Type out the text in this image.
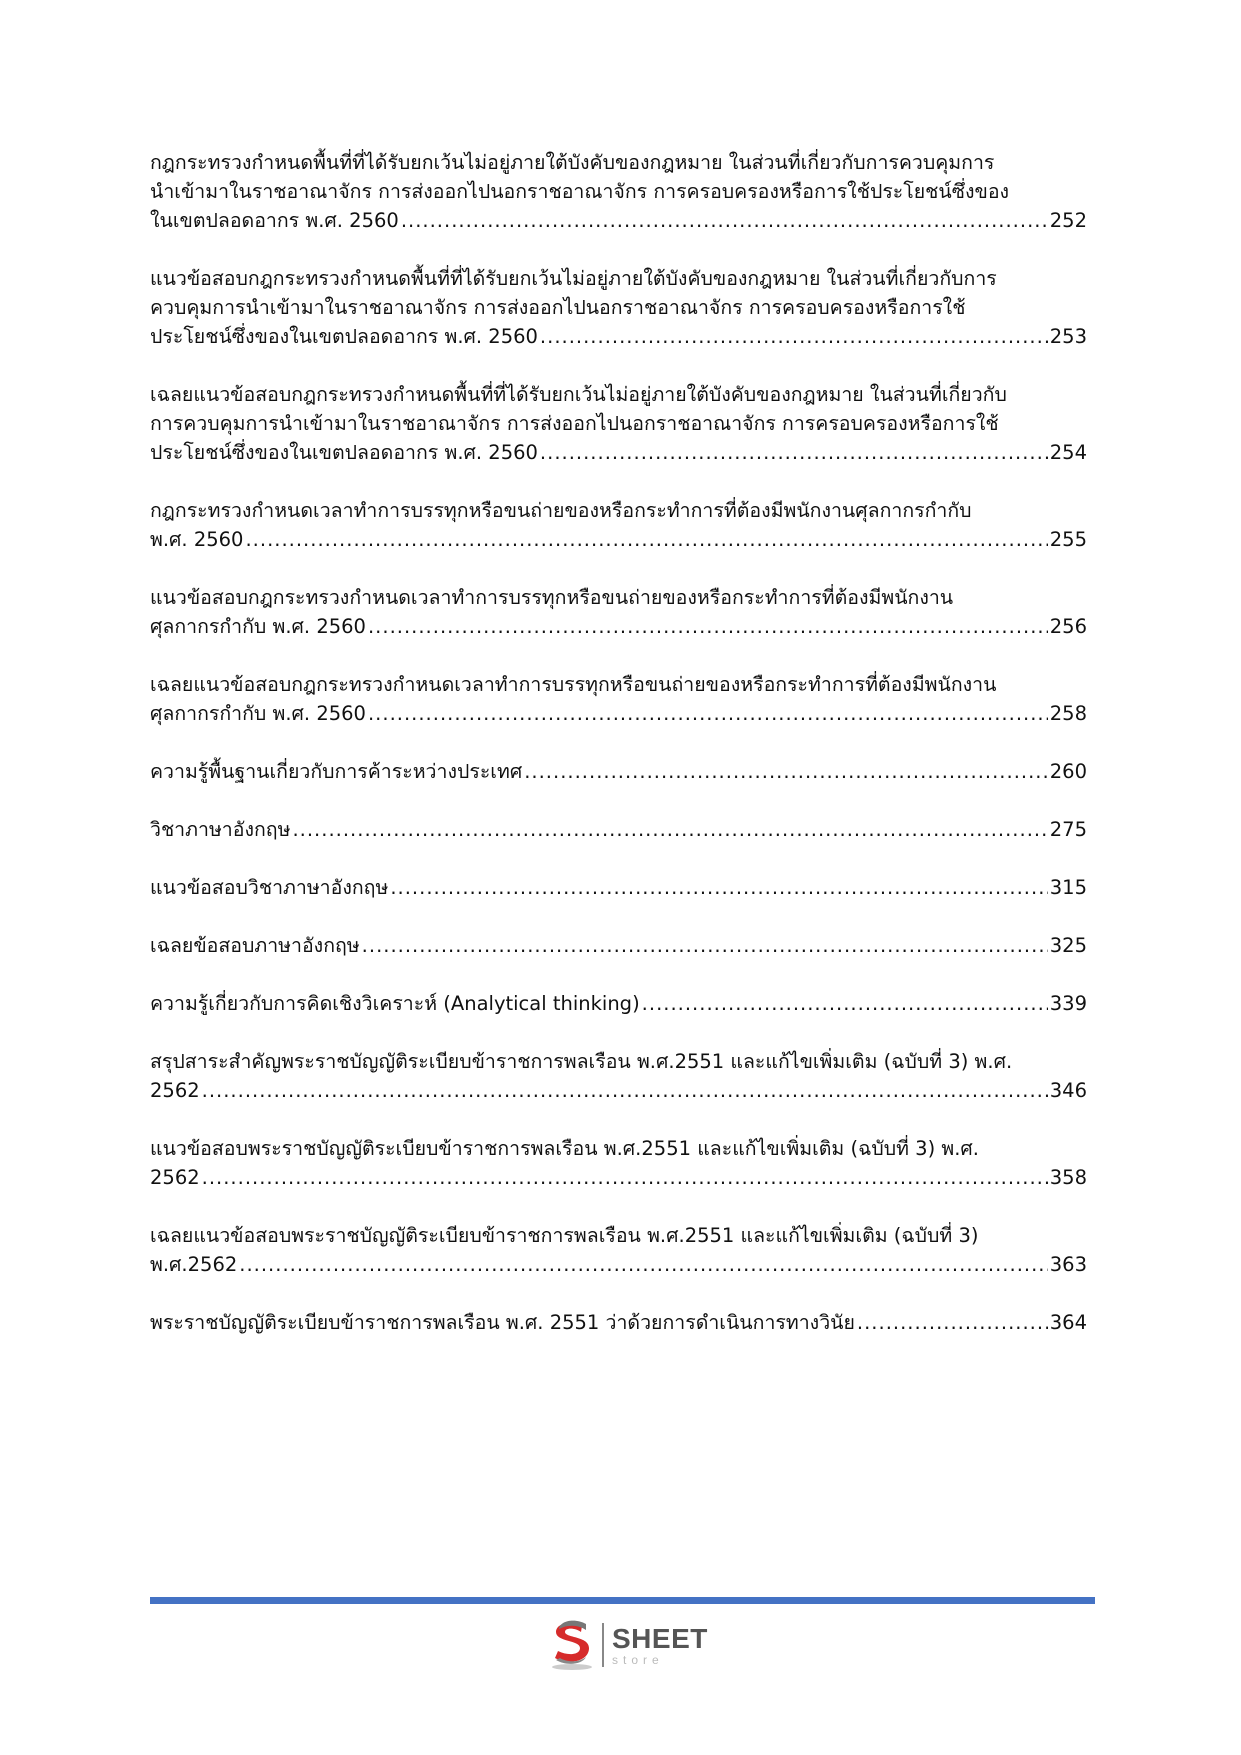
กฎกระทรวงกำหนดพื้นที่ที่ได้รับยกเว้นไม่อยู่ภายใต้บังคับของกฎหมาย ในส่วนที่เกี่ยวกับการควบคุมการ
นำเข้ามาในราชอาณาจักร การส่งออกไปนอกราชอาณาจักร การครอบครองหรือการใช้ประโยชน์ซึ่งของ
ในเขตปลอดอากร พ.ศ. 2560 .....	252
แนวข้อสอบกฎกระทรวงกำหนดพื้นที่ที่ได้รับยกเว้นไม่อยู่ภายใต้บังคับของกฎหมาย ในส่วนที่เกี่ยวกับการ
ควบคุมการนำเข้ามาในราชอาณาจักร การส่งออกไปนอกราชอาณาจักร การครอบครองหรือการใช้
ประโยชน์ซึ่งของในเขตปลอดอากร พ.ศ. 2560 .....	253
เฉลยแนวข้อสอบกฎกระทรวงกำหนดพื้นที่ที่ได้รับยกเว้นไม่อยู่ภายใต้บังคับของกฎหมาย ในส่วนที่เกี่ยวกับ
การควบคุมการนำเข้ามาในราชอาณาจักร การส่งออกไปนอกราชอาณาจักร การครอบครองหรือการใช้
ประโยชน์ซึ่งของในเขตปลอดอากร พ.ศ. 2560 .....	254
กฎกระทรวงกำหนดเวลาทำการบรรทุกหรือขนถ่ายของหรือกระทำการที่ต้องมีพนักงานศุลกากรกำกับ
พ.ศ. 2560 .....	255
แนวข้อสอบกฎกระทรวงกำหนดเวลาทำการบรรทุกหรือขนถ่ายของหรือกระทำการที่ต้องมีพนักงาน
ศุลกากรกำกับ พ.ศ. 2560 .....	256
เฉลยแนวข้อสอบกฎกระทรวงกำหนดเวลาทำการบรรทุกหรือขนถ่ายของหรือกระทำการที่ต้องมีพนักงาน
ศุลกากรกำกับ พ.ศ. 2560 .....	258
ความรู้พื้นฐานเกี่ยวกับการค้าระหว่างประเทศ .....	260
วิชาภาษาอังกฤษ .....	275
แนวข้อสอบวิชาภาษาอังกฤษ .....	315
เฉลยข้อสอบภาษาอังกฤษ .....	325
ความรู้เกี่ยวกับการคิดเชิงวิเคราะห์ (Analytical thinking) .....	339
สรุปสาระสำคัญพระราชบัญญัติระเบียบข้าราชการพลเรือน พ.ศ.2551 และแก้ไขเพิ่มเติม (ฉบับที่ 3) พ.ศ.
2562 .....	346
แนวข้อสอบพระราชบัญญัติระเบียบข้าราชการพลเรือน พ.ศ.2551 และแก้ไขเพิ่มเติม (ฉบับที่ 3) พ.ศ.
2562 .....	358
เฉลยแนวข้อสอบพระราชบัญญัติระเบียบข้าราชการพลเรือน พ.ศ.2551 และแก้ไขเพิ่มเติม (ฉบับที่ 3)
พ.ศ.2562 .....	363
พระราชบัญญัติระเบียบข้าราชการพลเรือน พ.ศ. 2551 ว่าด้วยการดำเนินการทางวินัย .....	364
SHEET
store
